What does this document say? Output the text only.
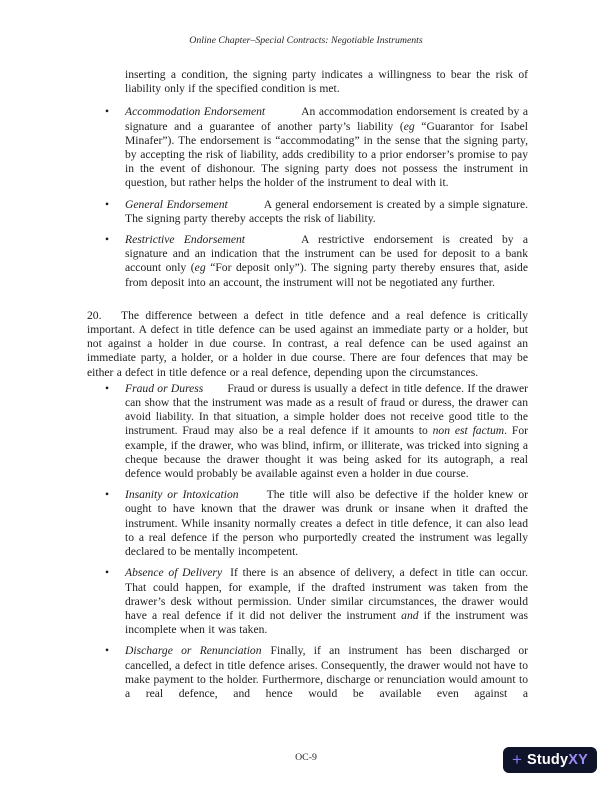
Online Chapter–Special Contracts: Negotiable Instruments

inserting a condition, the signing party indicates a willingness to bear the risk of liability only if the specified condition is met.

• Accommodation Endorsement	An accommodation endorsement is created by a signature and a guarantee of another party’s liability (eg “Guarantor for Isabel Minafer”). The endorsement is “accommodating” in the sense that the signing party, by accepting the risk of liability, adds credibility to a prior endorser’s promise to pay in the event of dishonour. The signing party does not possess the instrument in question, but rather helps the holder of the instrument to deal with it.
• General Endorsement	A general endorsement is created by a simple signature. The signing party thereby accepts the risk of liability.
• Restrictive Endorsement	A restrictive endorsement is created by a signature and an indication that the instrument can be used for deposit to a bank account only (eg “For deposit only”). The signing party thereby ensures that, aside from deposit into an account, the instrument will not be negotiated any further.

20. The difference between a defect in title defence and a real defence is critically important. A defect in title defence can be used against an immediate party or a holder, but not against a holder in due course. In contrast, a real defence can be used against an immediate party, a holder, or a holder in due course. There are four defences that may be either a defect in title defence or a real defence, depending upon the circumstances.

• Fraud or Duress Fraud or duress is usually a defect in title defence. If the drawer can show that the instrument was made as a result of fraud or duress, the drawer can avoid liability. In that situation, a simple holder does not receive good title to the instrument. Fraud may also be a real defence if it amounts to non est factum. For example, if the drawer, who was blind, infirm, or illiterate, was tricked into signing a cheque because the drawer thought it was being asked for its autograph, a real defence would probably be available against even a holder in due course.
• Insanity or Intoxication The title will also be defective if the holder knew or ought to have known that the drawer was drunk or insane when it drafted the instrument. While insanity normally creates a defect in title defence, it can also lead to a real defence if the person who purportedly created the instrument was legally declared to be mentally incompetent.
• Absence of Delivery If there is an absence of delivery, a defect in title can occur. That could happen, for example, if the drafted instrument was taken from the drawer’s desk without permission. Under similar circumstances, the drawer would have a real defence if it did not deliver the instrument and if the instrument was incomplete when it was taken.
• Discharge or Renunciation Finally, if an instrument has been discharged or cancelled, a defect in title defence arises. Consequently, the drawer would not have to make payment to the holder. Furthermore, discharge or renunciation would amount to a real defence, and hence would be available even against a
OC-9	+ StudyXY
